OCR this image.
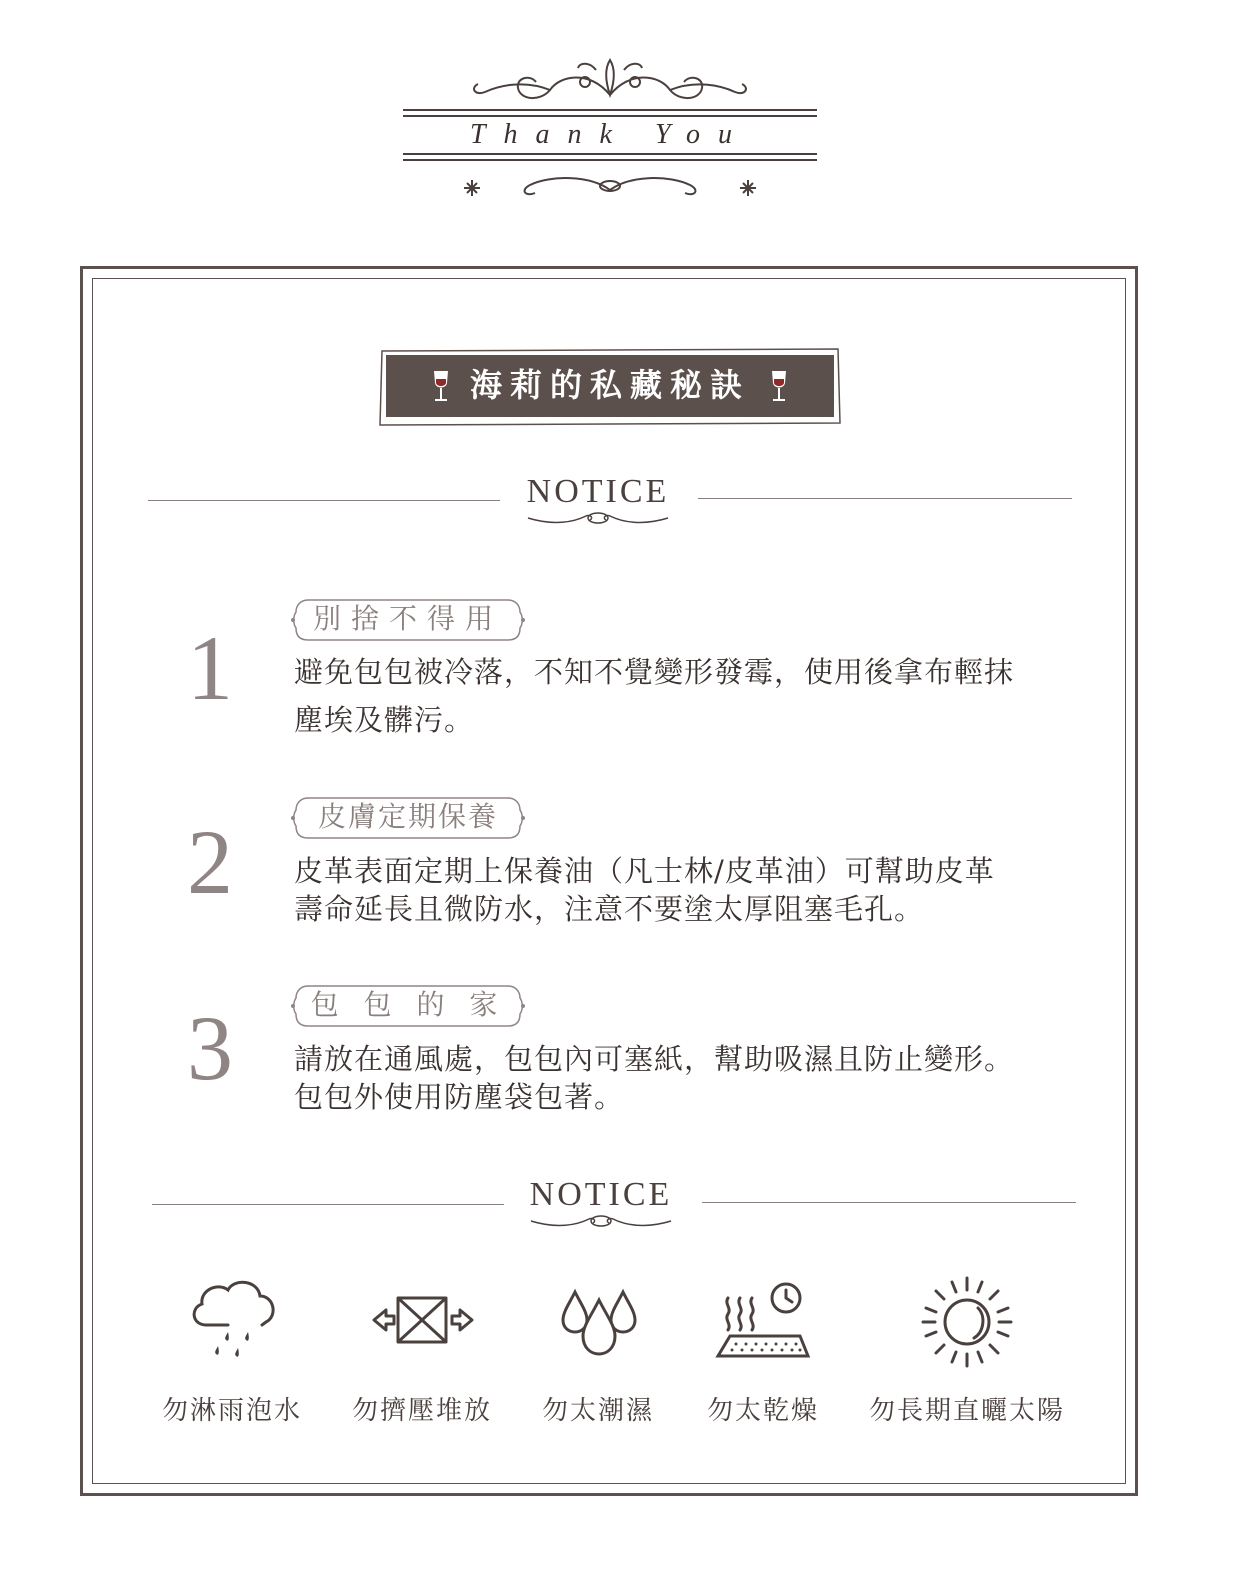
Thank You
海莉的私藏秘訣
NOTICE
1	別捨不得用
避免包包被冷落，不知不覺變形發霉，使用後拿布輕抹
塵埃及髒污。
2	皮膚定期保養
皮革表面定期上保養油（凡士林/皮革油）可幫助皮革
壽命延長且微防水，注意不要塗太厚阻塞毛孔。
3	包 包 的 家
請放在通風處，包包內可塞紙，幫助吸濕且防止變形。
包包外使用防塵袋包著。
NOTICE
勿淋雨泡水	勿擠壓堆放	勿太潮濕	勿太乾燥	勿長期直曬太陽
